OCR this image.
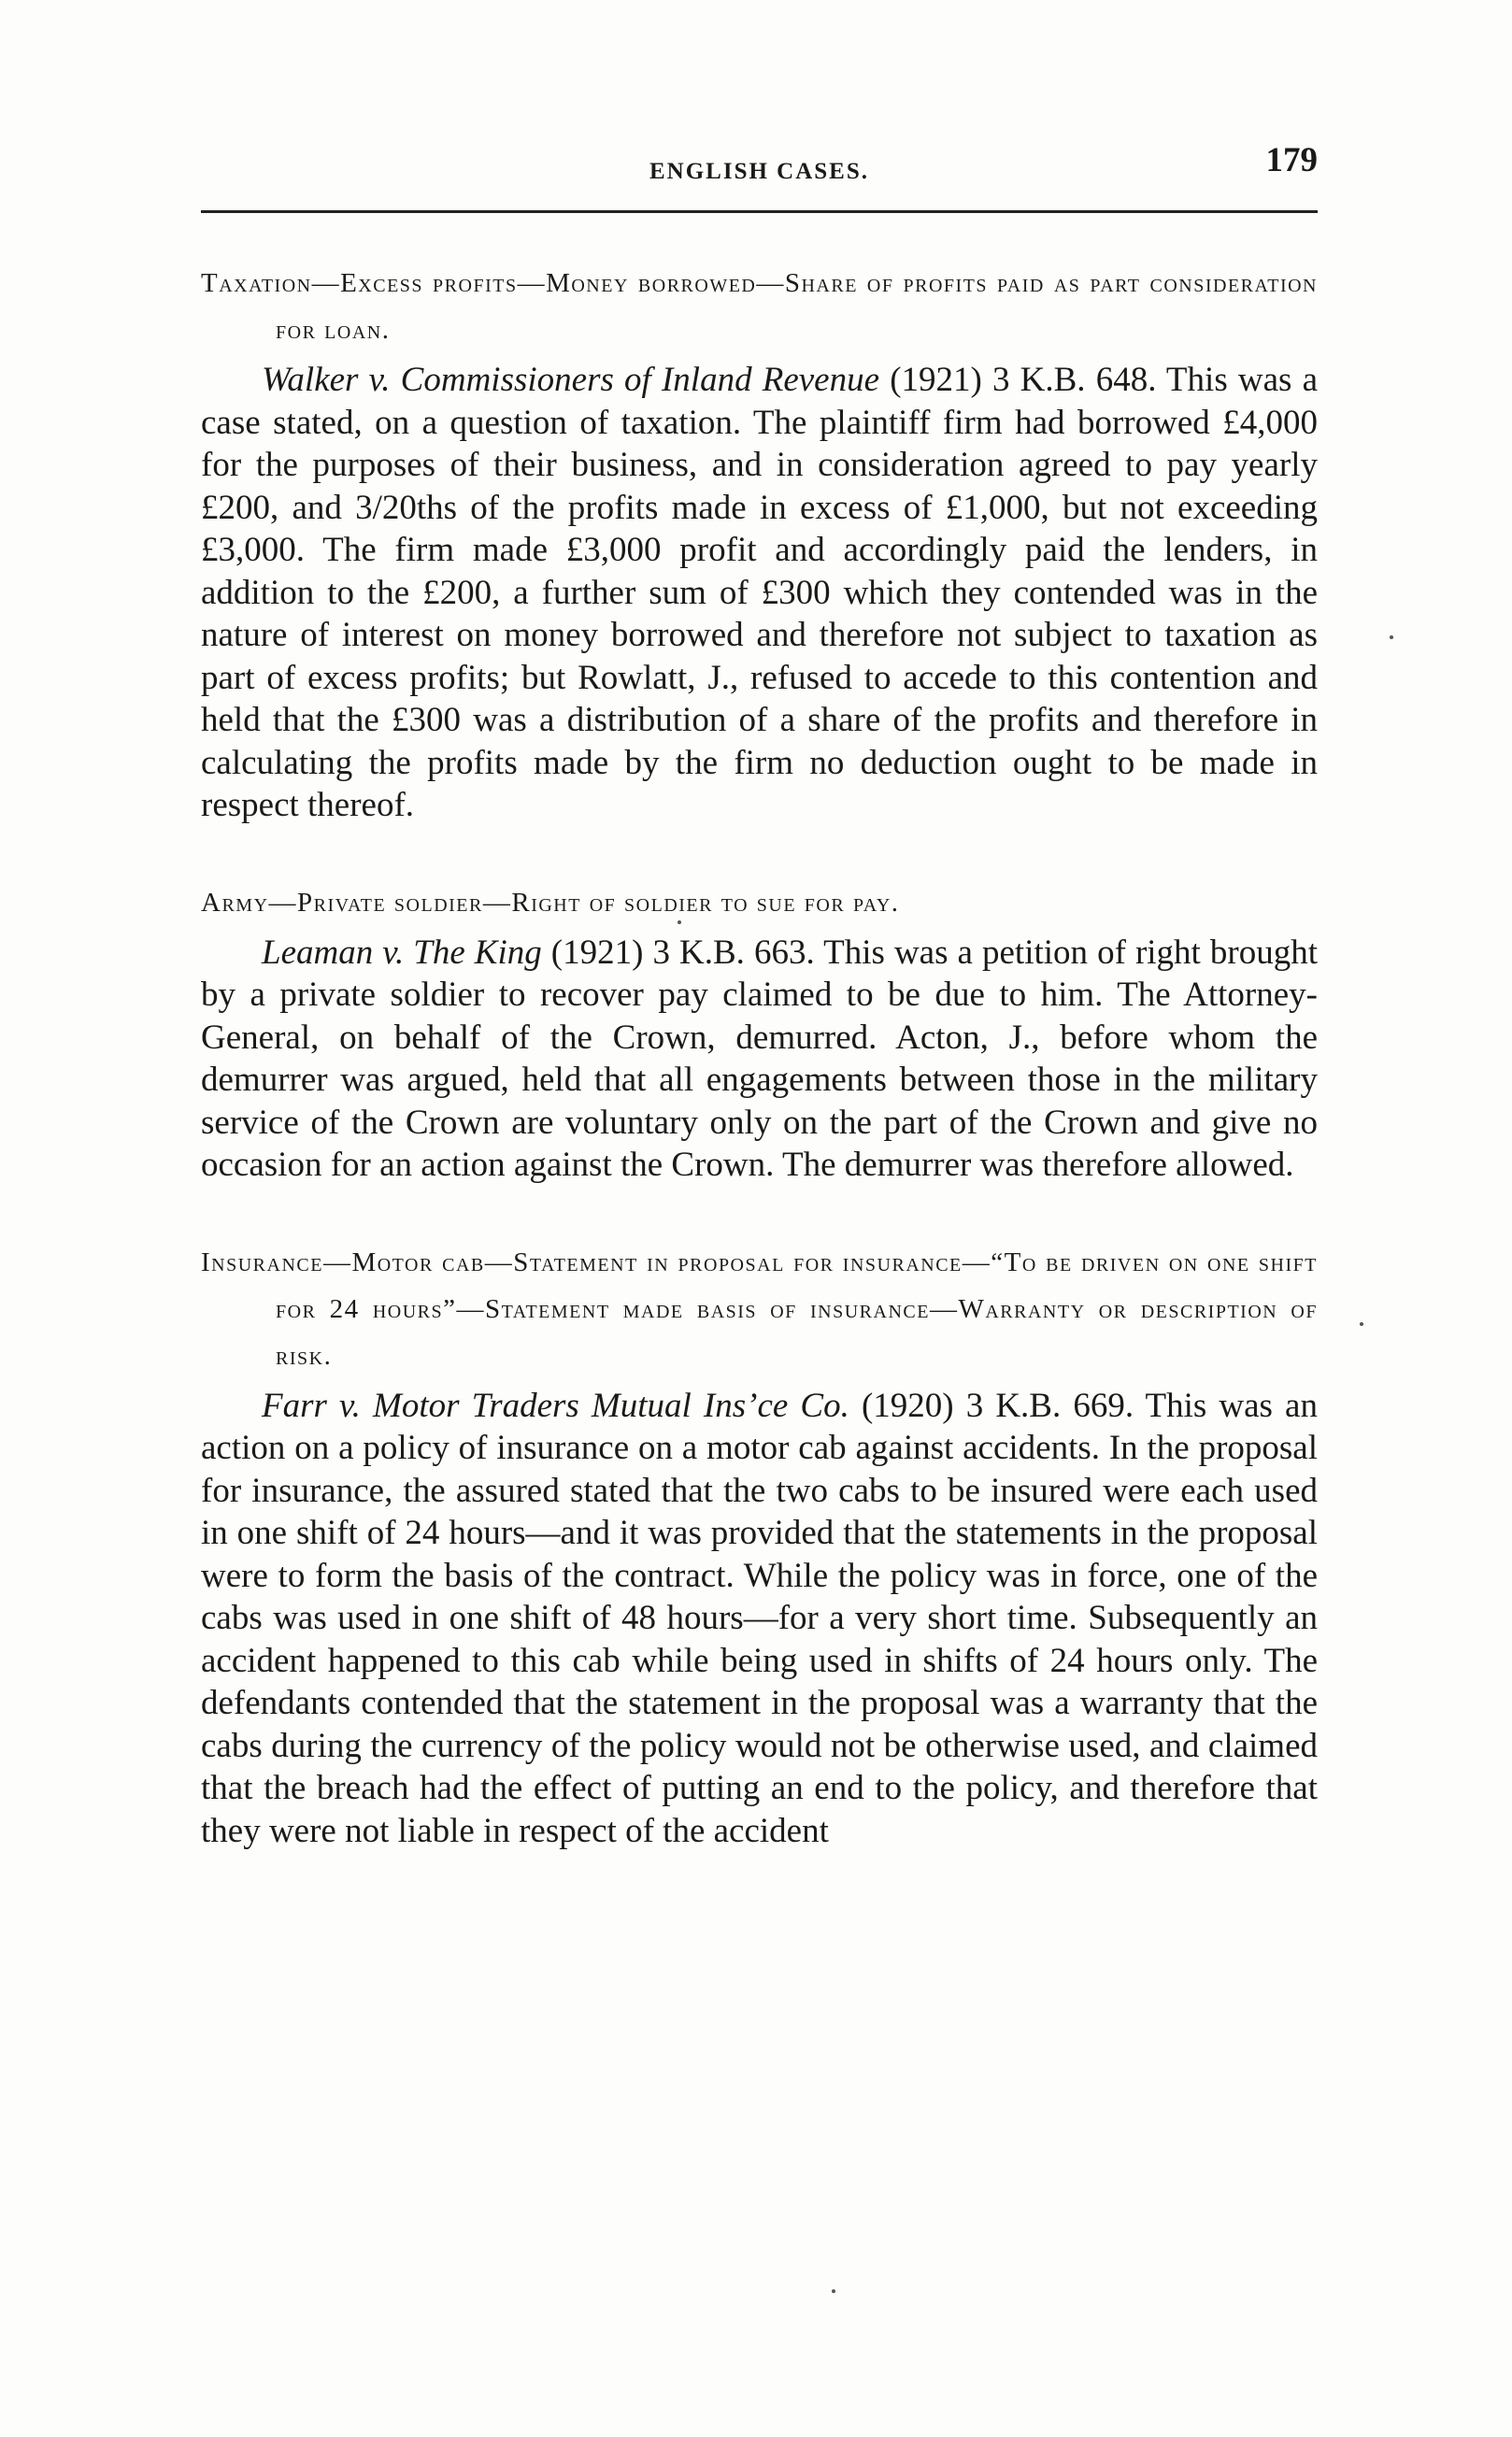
ENGLISH CASES.	179
Taxation—Excess profits—Money borrowed—Share of profits paid as part consideration for loan.

Walker v. Commissioners of Inland Revenue (1921) 3 K.B. 648. This was a case stated, on a question of taxation. The plaintiff firm had borrowed £4,000 for the purposes of their business, and in consideration agreed to pay yearly £200, and 3/20ths of the profits made in excess of £1,000, but not exceeding £3,000. The firm made £3,000 profit and accordingly paid the lenders, in addition to the £200, a further sum of £300 which they contended was in the nature of interest on money borrowed and therefore not subject to taxation as part of excess profits; but Rowlatt, J., refused to accede to this contention and held that the £300 was a distribution of a share of the profits and therefore in calculating the profits made by the firm no deduction ought to be made in respect thereof.

Army—Private soldier—Right of soldier to sue for pay.

Leaman v. The King (1921) 3 K.B. 663. This was a petition of right brought by a private soldier to recover pay claimed to be due to him. The Attorney-General, on behalf of the Crown, demurred. Acton, J., before whom the demurrer was argued, held that all engagements between those in the military service of the Crown are voluntary only on the part of the Crown and give no occasion for an action against the Crown. The demurrer was therefore allowed.

Insurance—Motor cab—Statement in proposal for insurance—“To be driven on one shift for 24 hours”—Statement made basis of insurance—Warranty or description of risk.

Farr v. Motor Traders Mutual Ins’ce Co. (1920) 3 K.B. 669. This was an action on a policy of insurance on a motor cab against accidents. In the proposal for insurance, the assured stated that the two cabs to be insured were each used in one shift of 24 hours—and it was provided that the statements in the proposal were to form the basis of the contract. While the policy was in force, one of the cabs was used in one shift of 48 hours—for a very short time. Subsequently an accident happened to this cab while being used in shifts of 24 hours only. The defendants contended that the statement in the proposal was a warranty that the cabs during the currency of the policy would not be otherwise used, and claimed that the breach had the effect of putting an end to the policy, and therefore that they were not liable in respect of the accident
